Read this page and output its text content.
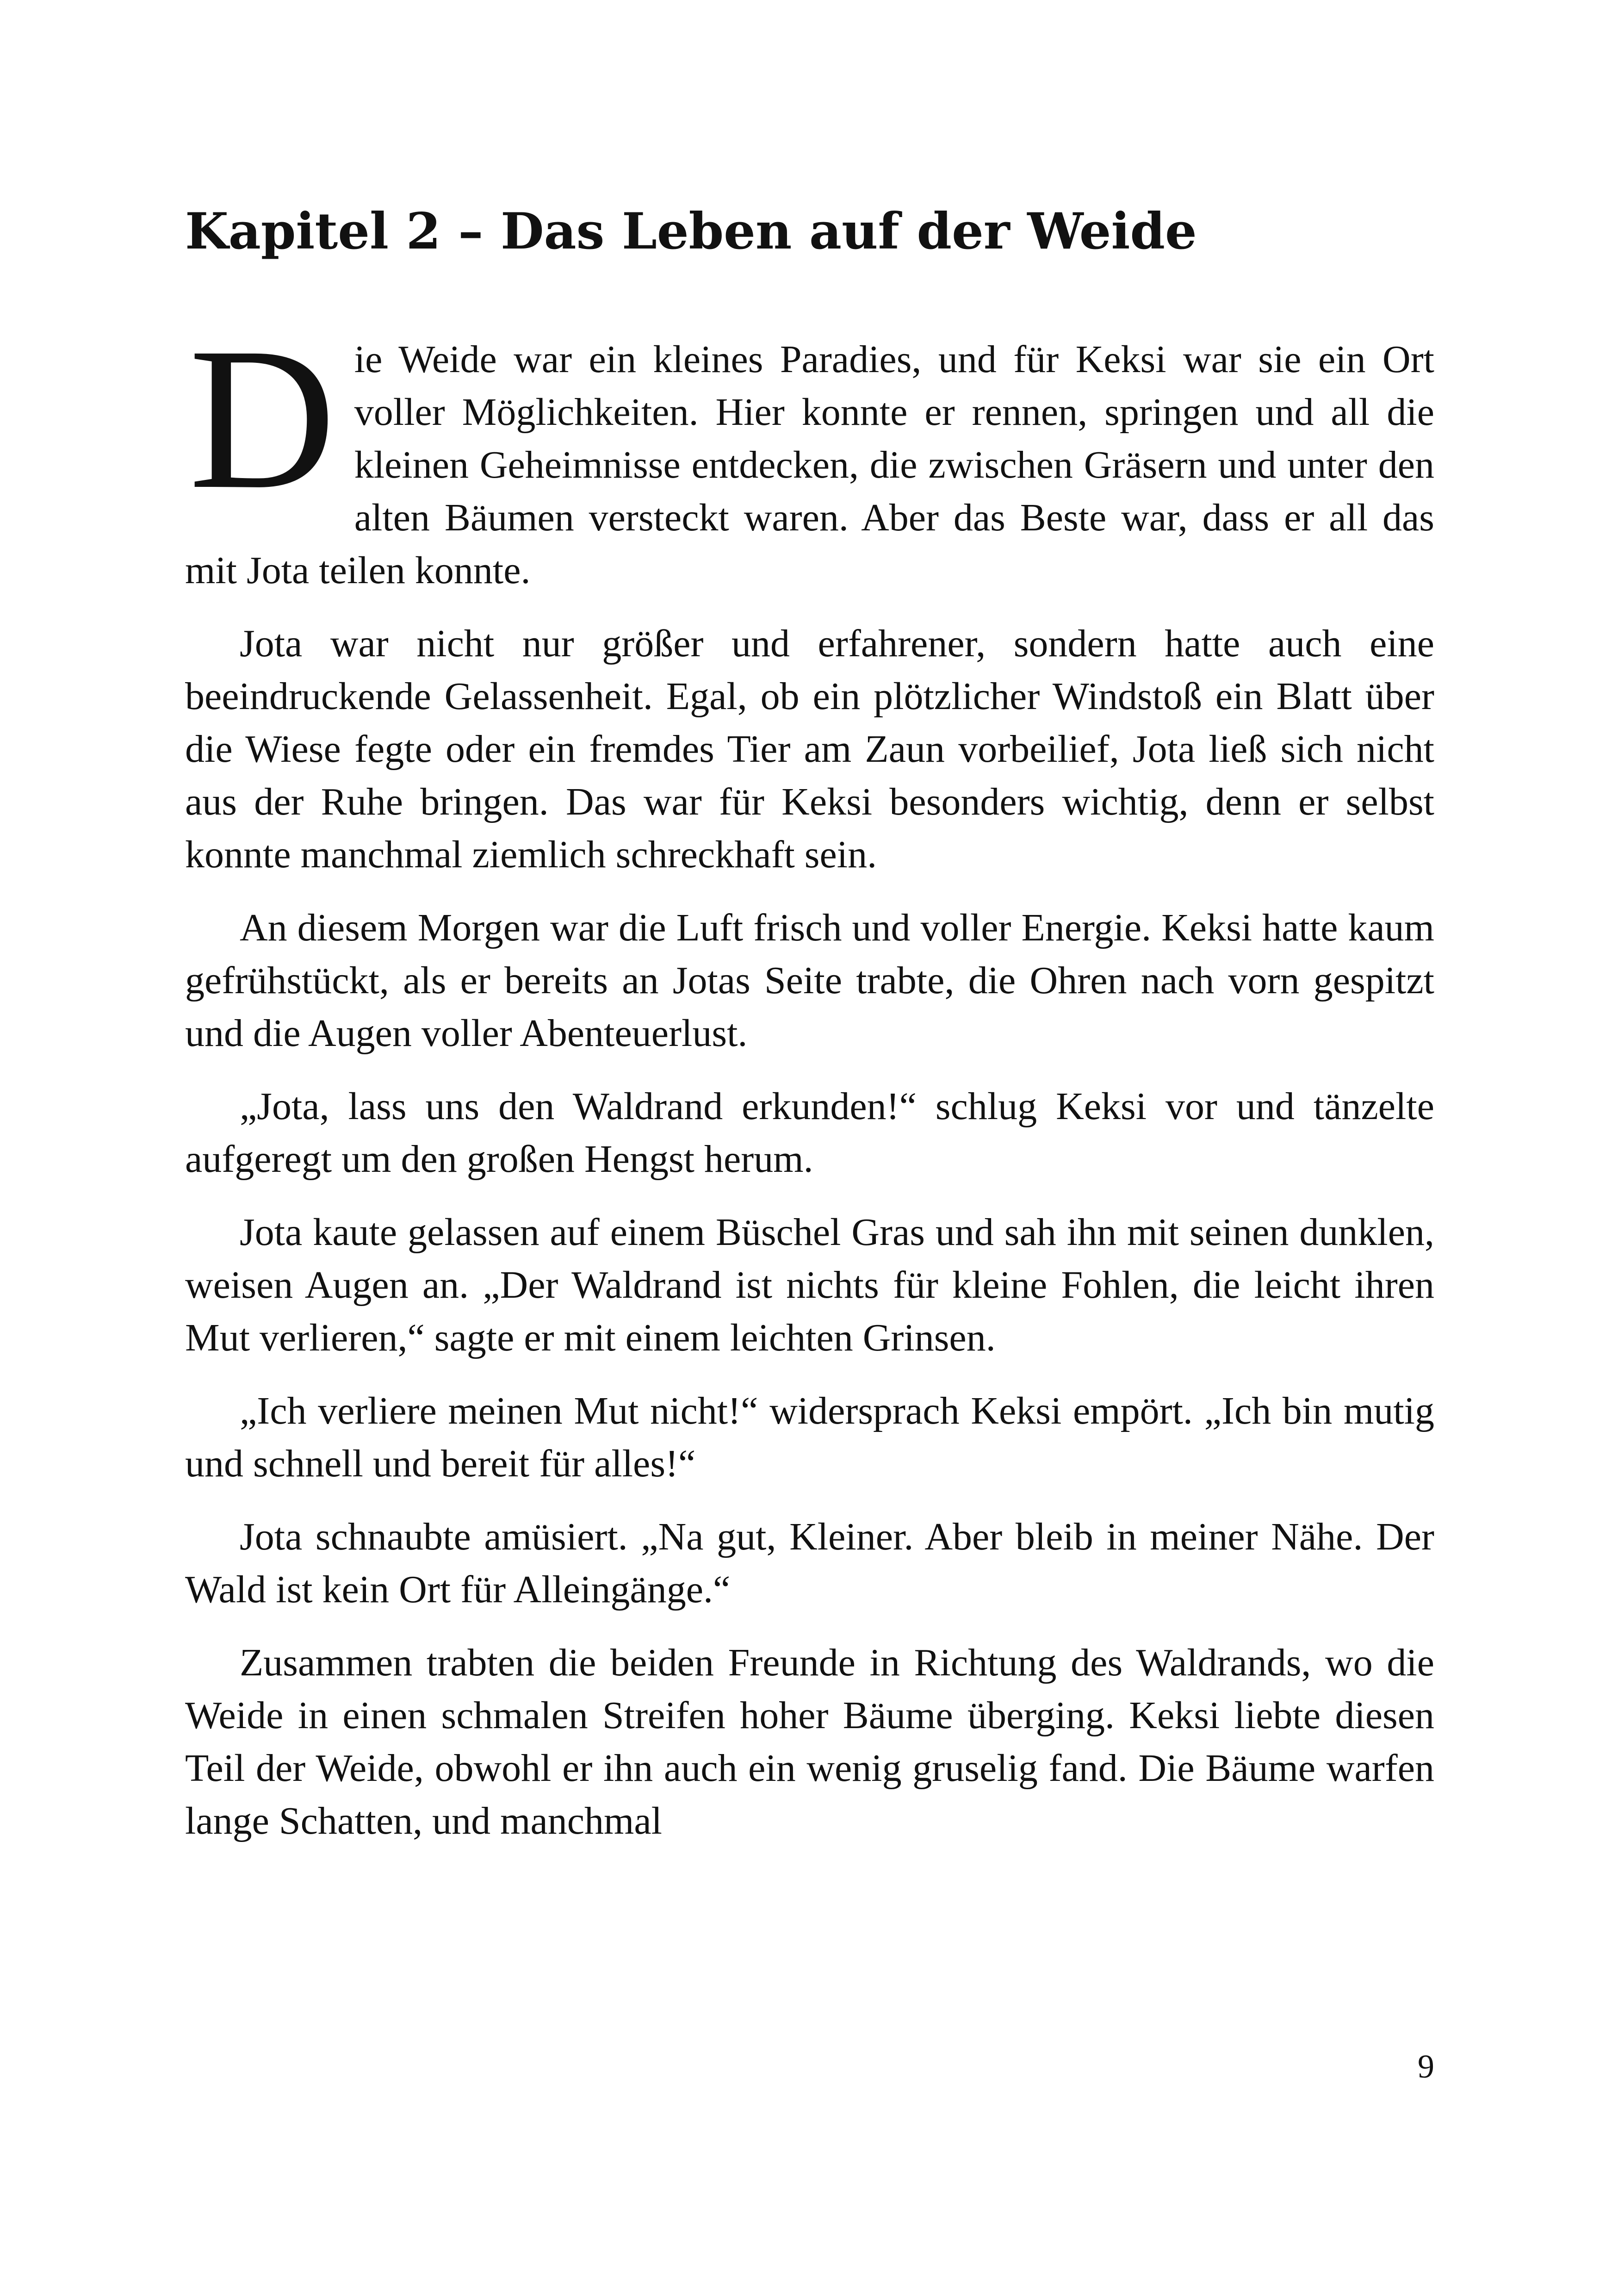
Kapitel 2 – Das Leben auf der Weide

Die Weide war ein kleines Paradies, und für Keksi war sie ein Ort voller Möglichkeiten. Hier konnte er rennen, springen und all die kleinen Geheimnisse entdecken, die zwischen Gräsern und unter den alten Bäumen versteckt waren. Aber das Beste war, dass er all das mit Jota teilen konnte.

Jota war nicht nur größer und erfahrener, sondern hatte auch eine beeindruckende Gelassenheit. Egal, ob ein plötzlicher Windstoß ein Blatt über die Wiese fegte oder ein fremdes Tier am Zaun vorbeilief, Jota ließ sich nicht aus der Ruhe bringen. Das war für Keksi besonders wichtig, denn er selbst konnte manchmal ziemlich schreckhaft sein.

An diesem Morgen war die Luft frisch und voller Energie. Keksi hatte kaum gefrühstückt, als er bereits an Jotas Seite trabte, die Ohren nach vorn gespitzt und die Augen voller Abenteuerlust.

„Jota, lass uns den Waldrand erkunden!“ schlug Keksi vor und tänzelte aufgeregt um den großen Hengst herum.

Jota kaute gelassen auf einem Büschel Gras und sah ihn mit seinen dunklen, weisen Augen an. „Der Waldrand ist nichts für kleine Fohlen, die leicht ihren Mut verlieren,“ sagte er mit einem leichten Grinsen.

„Ich verliere meinen Mut nicht!“ widersprach Keksi empört. „Ich bin mutig und schnell und bereit für alles!“

Jota schnaubte amüsiert. „Na gut, Kleiner. Aber bleib in meiner Nähe. Der Wald ist kein Ort für Alleingänge.“

Zusammen trabten die beiden Freunde in Richtung des Waldrands, wo die Weide in einen schmalen Streifen hoher Bäume überging. Keksi liebte diesen Teil der Weide, obwohl er ihn auch ein wenig gruselig fand. Die Bäume warfen lange Schatten, und manchmal

9
